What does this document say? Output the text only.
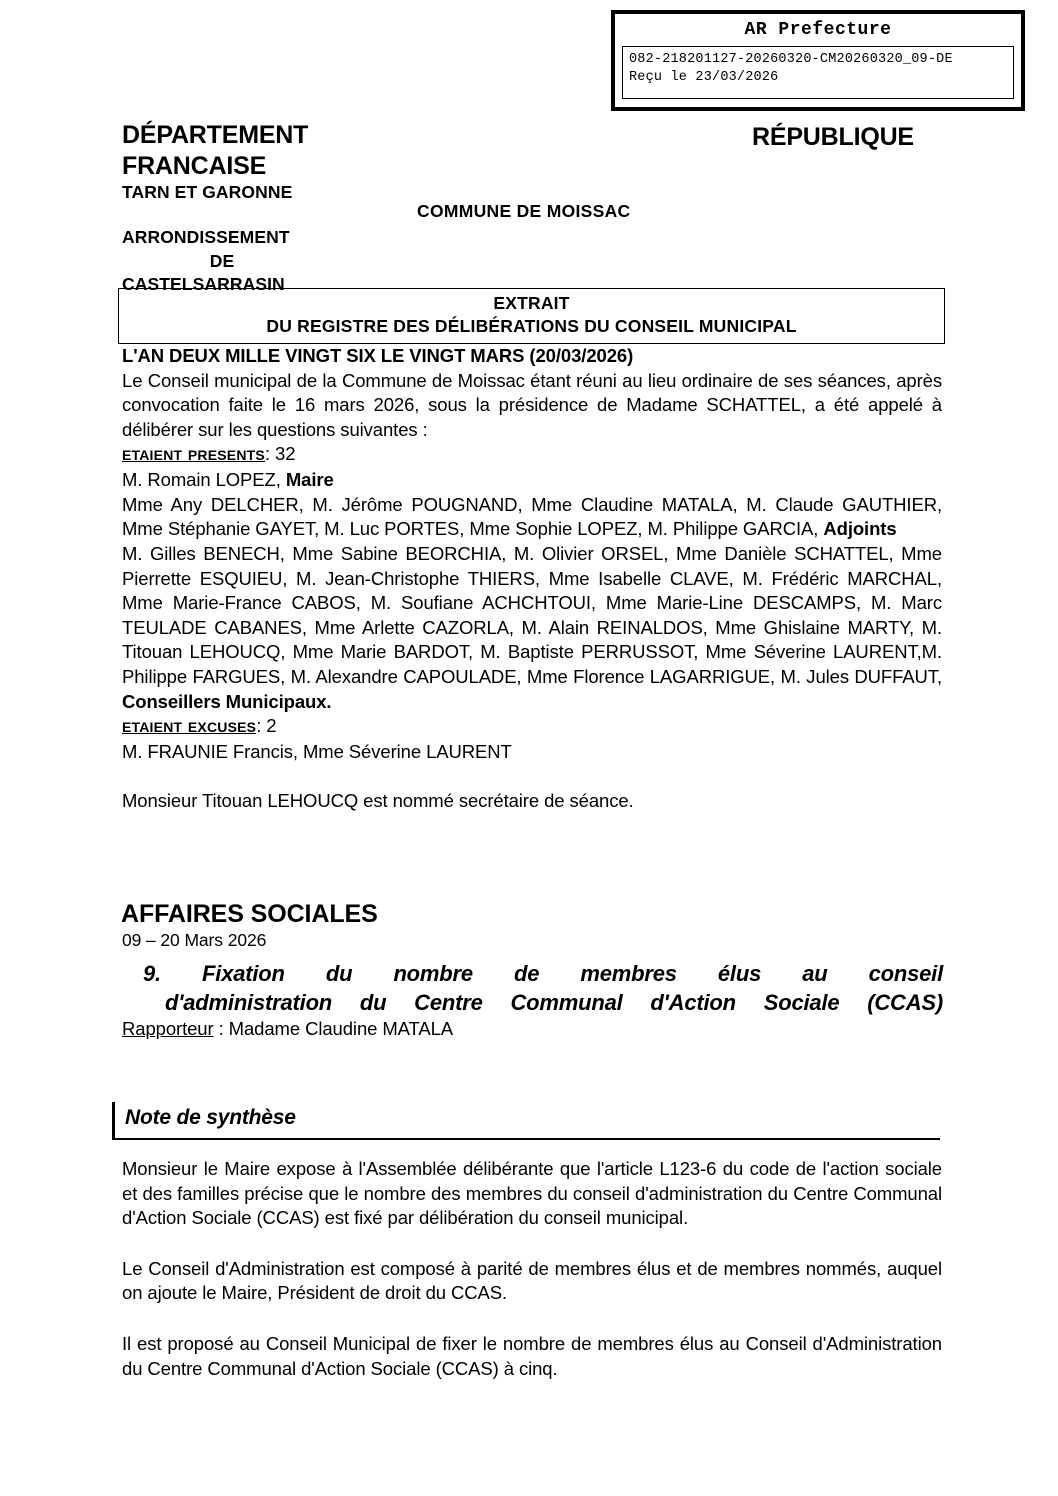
AR Prefecture
082-218201127-20260320-CM20260320_09-DE
Reçu le 23/03/2026
DÉPARTEMENT
FRANCAISE
TARN ET GARONNE
ARRONDISSEMENT
DE
CASTELSARRASIN
RÉPUBLIQUE
COMMUNE DE MOISSAC
EXTRAIT
DU REGISTRE DES DÉLIBÉRATIONS DU CONSEIL MUNICIPAL
L'AN DEUX MILLE VINGT SIX LE VINGT MARS (20/03/2026)
Le Conseil municipal de la Commune de Moissac étant réuni au lieu ordinaire de ses séances, après convocation faite le 16 mars 2026, sous la présidence de Madame SCHATTEL, a été appelé à délibérer sur les questions suivantes :
etaient presents: 32
M. Romain LOPEZ, Maire
Mme Any DELCHER, M. Jérôme POUGNAND, Mme Claudine MATALA, M. Claude GAUTHIER, Mme Stéphanie GAYET, M. Luc PORTES, Mme Sophie LOPEZ, M. Philippe GARCIA, Adjoints
M. Gilles BENECH, Mme Sabine BEORCHIA, M. Olivier ORSEL, Mme Danièle SCHATTEL, Mme Pierrette ESQUIEU, M. Jean-Christophe THIERS, Mme Isabelle CLAVE, M. Frédéric MARCHAL, Mme Marie-France CABOS, M. Soufiane ACHCHTOUI, Mme Marie-Line DESCAMPS, M. Marc TEULADE CABANES, Mme Arlette CAZORLA, M. Alain REINALDOS, Mme Ghislaine MARTY, M. Titouan LEHOUCQ, Mme Marie BARDOT, M. Baptiste PERRUSSOT, Mme Séverine LAURENT,M. Philippe FARGUES, M. Alexandre CAPOULADE, Mme Florence LAGARRIGUE, M. Jules DUFFAUT, Conseillers Municipaux.
etaient excuses: 2
M. FRAUNIE Francis, Mme Séverine LAURENT
Monsieur Titouan LEHOUCQ est nommé secrétaire de séance.
AFFAIRES SOCIALES
09 – 20 Mars 2026
9. Fixation du nombre de membres élus au conseil
d'administration du Centre Communal d'Action Sociale (CCAS)
Rapporteur : Madame Claudine MATALA
Note de synthèse
Monsieur le Maire expose à l'Assemblée délibérante que l'article L123-6 du code de l'action sociale et des familles précise que le nombre des membres du conseil d'administration du Centre Communal d'Action Sociale (CCAS) est fixé par délibération du conseil municipal.
Le Conseil d'Administration est composé à parité de membres élus et de membres nommés, auquel on ajoute le Maire, Président de droit du CCAS.
Il est proposé au Conseil Municipal de fixer le nombre de membres élus au Conseil d'Administration du Centre Communal d'Action Sociale (CCAS) à cinq.
